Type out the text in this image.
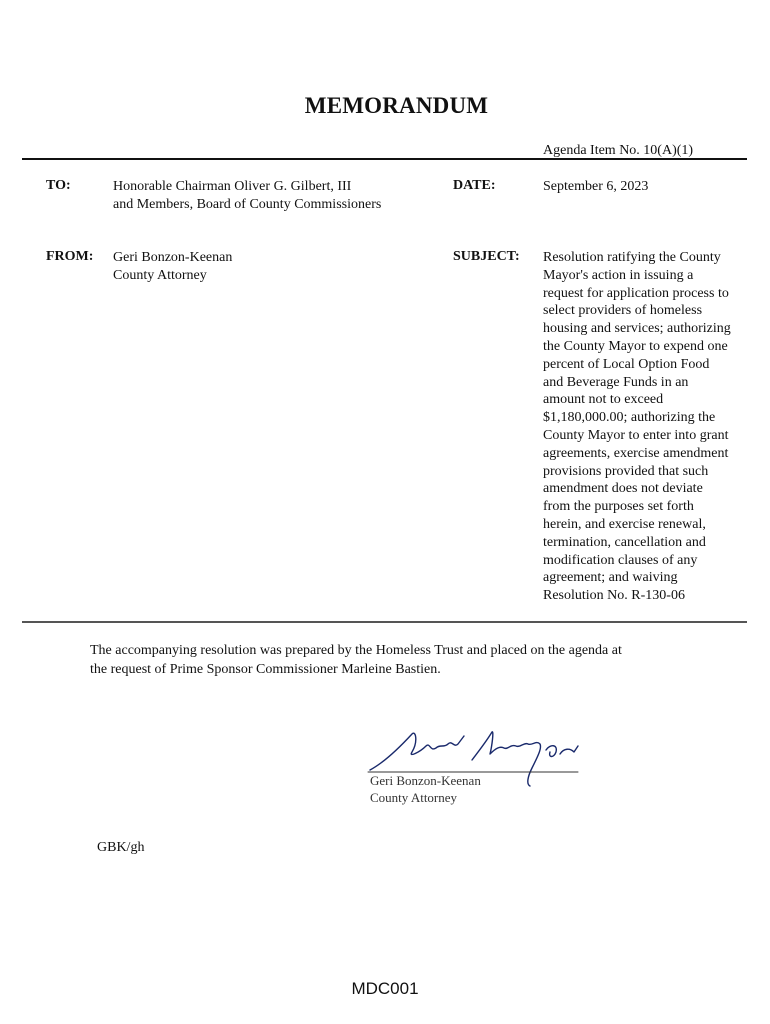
MEMORANDUM
Agenda Item No. 10(A)(1)
TO:	Honorable Chairman Oliver G. Gilbert, III
and Members, Board of County Commissioners
DATE:	September 6, 2023
FROM: Geri Bonzon-Keenan
County Attorney
SUBJECT: Resolution ratifying the County
Mayor's action in issuing a
request for application process to
select providers of homeless
housing and services; authorizing
the County Mayor to expend one
percent of Local Option Food
and Beverage Funds in an
amount not to exceed
$1,180,000.00; authorizing the
County Mayor to enter into grant
agreements, exercise amendment
provisions provided that such
amendment does not deviate
from the purposes set forth
herein, and exercise renewal,
termination, cancellation and
modification clauses of any
agreement; and waiving
Resolution No. R-130-06
The accompanying resolution was prepared by the Homeless Trust and placed on the agenda at
the request of Prime Sponsor Commissioner Marleine Bastien.
Geri Bonzon-Keenan
County Attorney
GBK/gh
MDC001
